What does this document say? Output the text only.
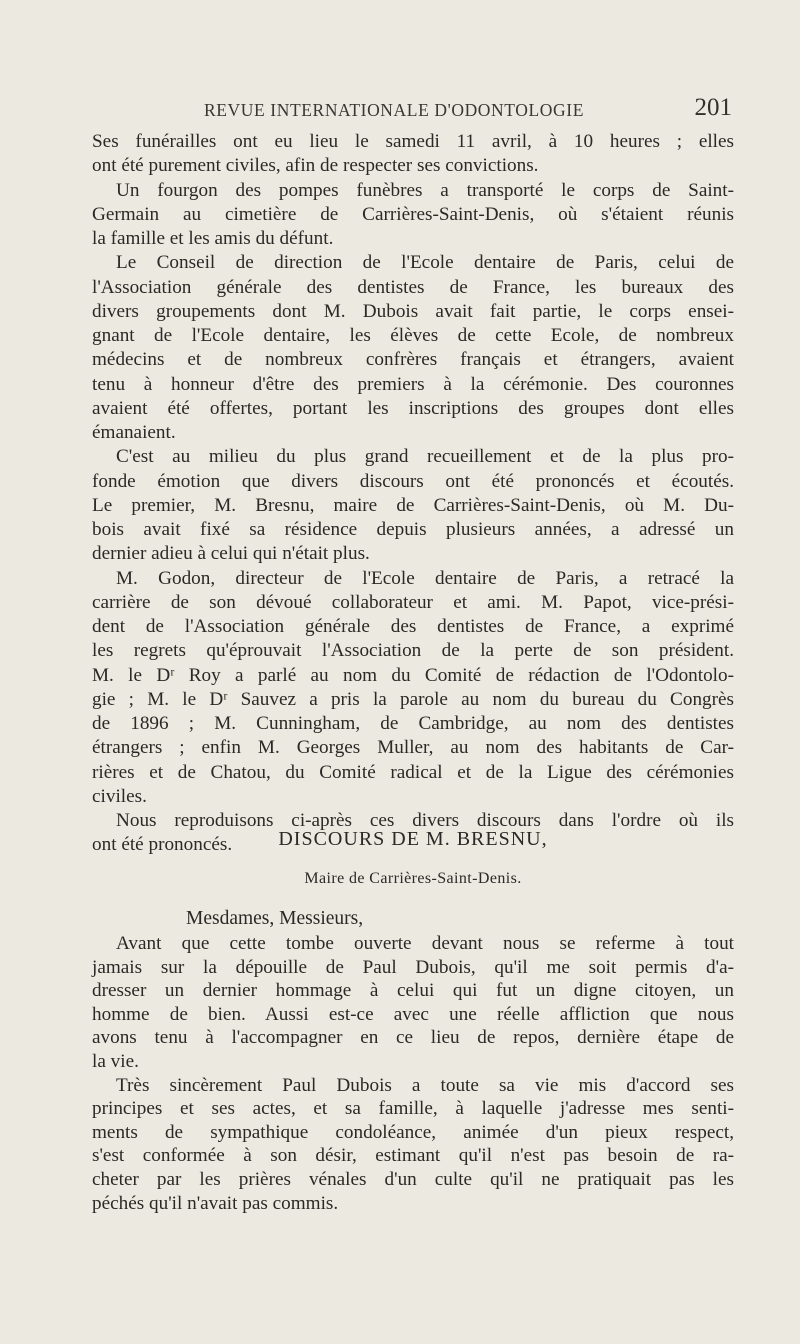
REVUE INTERNATIONALE D'ODONTOLOGIE	201
Ses funérailles ont eu lieu le samedi 11 avril, à 10 heures ; elles
ont été purement civiles, afin de respecter ses convictions.
Un fourgon des pompes funèbres a transporté le corps de Saint-
Germain au cimetière de Carrières-Saint-Denis, où s'étaient réunis
la famille et les amis du défunt.
Le Conseil de direction de l'Ecole dentaire de Paris, celui de
l'Association générale des dentistes de France, les bureaux des
divers groupements dont M. Dubois avait fait partie, le corps ensei-
gnant de l'Ecole dentaire, les élèves de cette Ecole, de nombreux
médecins et de nombreux confrères français et étrangers, avaient
tenu à honneur d'être des premiers à la cérémonie. Des couronnes
avaient été offertes, portant les inscriptions des groupes dont elles
émanaient.
C'est au milieu du plus grand recueillement et de la plus pro-
fonde émotion que divers discours ont été prononcés et écoutés.
Le premier, M. Bresnu, maire de Carrières-Saint-Denis, où M. Du-
bois avait fixé sa résidence depuis plusieurs années, a adressé un
dernier adieu à celui qui n'était plus.
M. Godon, directeur de l'Ecole dentaire de Paris, a retracé la
carrière de son dévoué collaborateur et ami. M. Papot, vice-prési-
dent de l'Association générale des dentistes de France, a exprimé
les regrets qu'éprouvait l'Association de la perte de son président.
M. le Dʳ Roy a parlé au nom du Comité de rédaction de l'Odontolo-
gie ; M. le Dʳ Sauvez a pris la parole au nom du bureau du Congrès
de 1896 ; M. Cunningham, de Cambridge, au nom des dentistes
étrangers ; enfin M. Georges Muller, au nom des habitants de Car-
rières et de Chatou, du Comité radical et de la Ligue des cérémonies
civiles.
Nous reproduisons ci-après ces divers discours dans l'ordre où ils
ont été prononcés.	DISCOURS DE M. BRESNU,
Maire de Carrières-Saint-Denis.
Mesdames, Messieurs,
Avant que cette tombe ouverte devant nous se referme à tout
jamais sur la dépouille de Paul Dubois, qu'il me soit permis d'a-
dresser un dernier hommage à celui qui fut un digne citoyen, un
homme de bien. Aussi est-ce avec une réelle affliction que nous
avons tenu à l'accompagner en ce lieu de repos, dernière étape de
la vie.
Très sincèrement Paul Dubois a toute sa vie mis d'accord ses
principes et ses actes, et sa famille, à laquelle j'adresse mes senti-
ments de sympathique condoléance, animée d'un pieux respect,
s'est conformée à son désir, estimant qu'il n'est pas besoin de ra-
cheter par les prières vénales d'un culte qu'il ne pratiquait pas les
péchés qu'il n'avait pas commis.
